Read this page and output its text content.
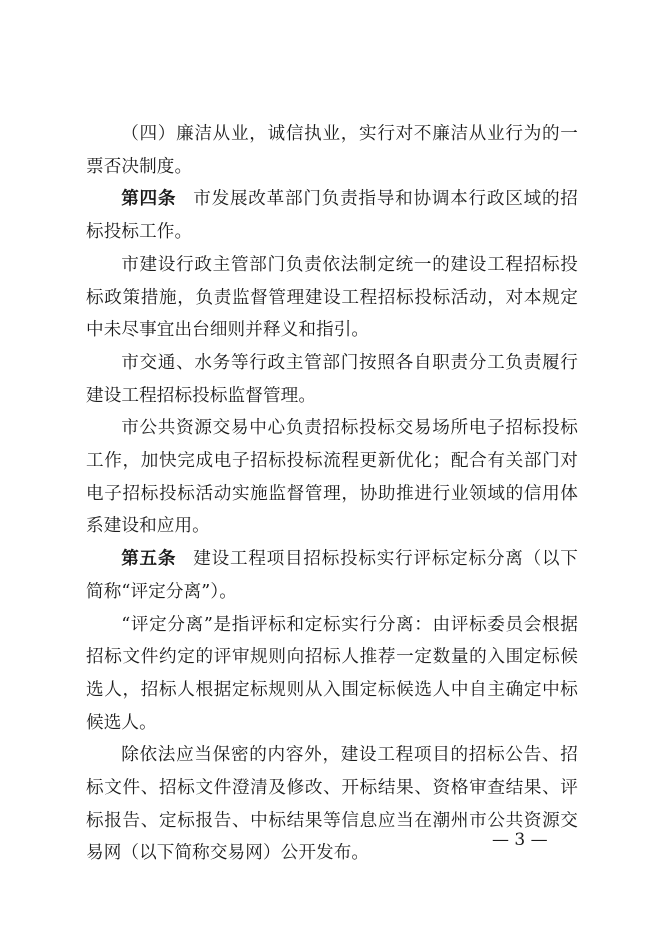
（四）廉洁从业，诚信执业，实行对不廉洁从业行为的一票否决制度。

第四条 市发展改革部门负责指导和协调本行政区域的招标投标工作。

市建设行政主管部门负责依法制定统一的建设工程招标投标政策措施，负责监督管理建设工程招标投标活动，对本规定中未尽事宜出台细则并释义和指引。

市交通、水务等行政主管部门按照各自职责分工负责履行建设工程招标投标监督管理。

市公共资源交易中心负责招标投标交易场所电子招标投标工作，加快完成电子招标投标流程更新优化；配合有关部门对电子招标投标活动实施监督管理，协助推进行业领域的信用体系建设和应用。

第五条 建设工程项目招标投标实行评标定标分离（以下简称“评定分离”）。

“评定分离”是指评标和定标实行分离：由评标委员会根据招标文件约定的评审规则向招标人推荐一定数量的入围定标候选人，招标人根据定标规则从入围定标候选人中自主确定中标候选人。

除依法应当保密的内容外，建设工程项目的招标公告、招标文件、招标文件澄清及修改、开标结果、资格审查结果、评标报告、定标报告、中标结果等信息应当在潮州市公共资源交易网（以下简称交易网）公开发布。

— 3 —
